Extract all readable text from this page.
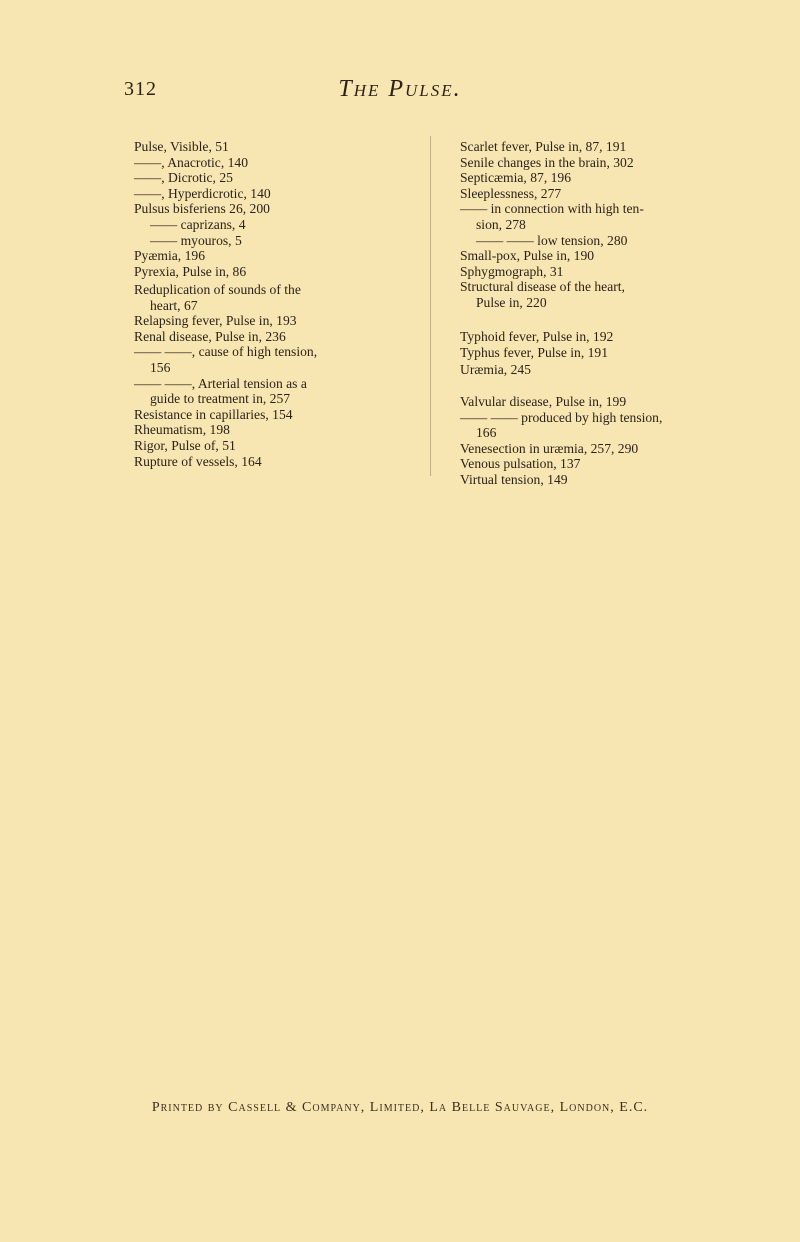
312	The Pulse.
Pulse, Visible, 51
——, Anacrotic, 140
——, Dicrotic, 25
——, Hyperdicrotic, 140
Pulsus bisferiens 26, 200
—— caprizans, 4
—— myouros, 5
Pyæmia, 196
Pyrexia, Pulse in, 86
Reduplication of sounds of the
heart, 67
Relapsing fever, Pulse in, 193
Renal disease, Pulse in, 236
—— ——, cause of high tension,
156
—— ——, Arterial tension as a
guide to treatment in, 257
Resistance in capillaries, 154
Rheumatism, 198
Rigor, Pulse of, 51
Rupture of vessels, 164
Scarlet fever, Pulse in, 87, 191
Senile changes in the brain, 302
Septicæmia, 87, 196
Sleeplessness, 277
—— in connection with high ten-
sion, 278
—— —— low tension, 280
Small-pox, Pulse in, 190
Sphygmograph, 31
Structural disease of the heart,
Pulse in, 220
Typhoid fever, Pulse in, 192
Typhus fever, Pulse in, 191
Uræmia, 245
Valvular disease, Pulse in, 199
—— —— produced by high tension,
166
Venesection in uræmia, 257, 290
Venous pulsation, 137
Virtual tension, 149
Printed by Cassell & Company, Limited, La Belle Sauvage, London, E.C.
